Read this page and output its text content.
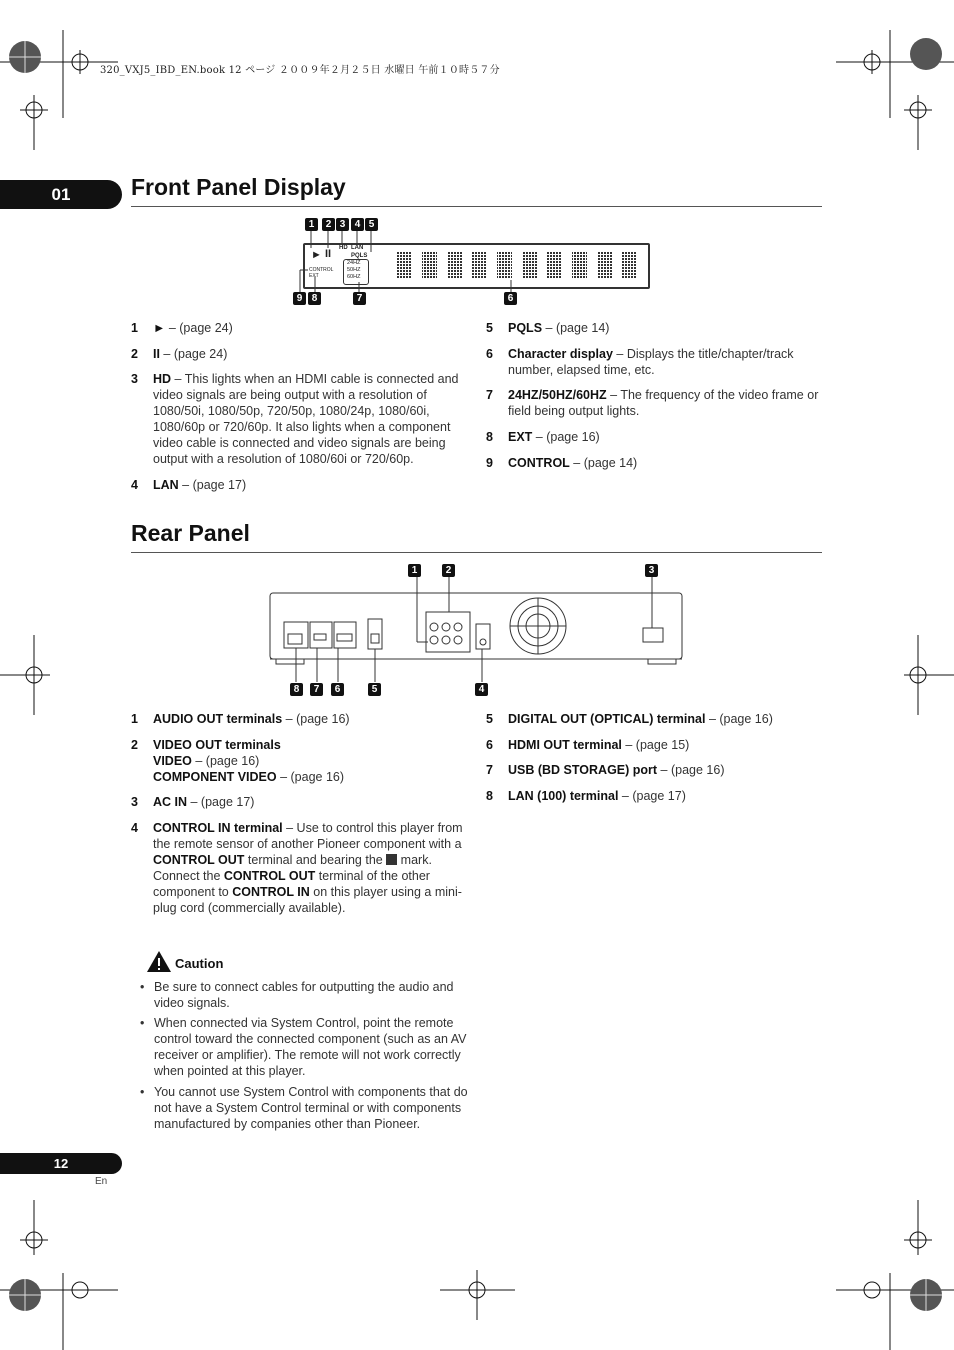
320_VXJ5_IBD_EN.book 12 ページ ２００９年２月２５日 水曜日 午前１０時５７分
01	Front Panel Display
1	2 3 4 5
► II HD LAN
PQLS
CONTROL
EXT
24HZ
50HZ
60HZ
9 8	7	6
1 ► – (page 24)
2 II – (page 24)
3 HD – This lights when an HDMI cable is connected and video signals are being output with a resolution of 1080/50i, 1080/50p, 720/50p, 1080/24p, 1080/60i, 1080/60p or 720/60p. It also lights when a component video cable is connected and video signals are being output with a resolution of 1080/60i or 720/60p.
4 LAN – (page 17)
5 PQLS – (page 14)
6 Character display – Displays the title/chapter/track number, elapsed time, etc.
7 24HZ/50HZ/60HZ – The frequency of the video frame or field being output lights.
8 EXT – (page 16)
9 CONTROL – (page 14)
Rear Panel
1	2	3
8	7	6	5	4
1 AUDIO OUT terminals – (page 16)
2 VIDEO OUT terminals
VIDEO – (page 16)
COMPONENT VIDEO – (page 16)
3 AC IN – (page 17)
4 CONTROL IN terminal – Use to control this player from the remote sensor of another Pioneer component with a CONTROL OUT terminal and bearing the  mark. Connect the CONTROL OUT terminal of the other component to CONTROL IN on this player using a mini-plug cord (commercially available).
5 DIGITAL OUT (OPTICAL) terminal – (page 16)
6 HDMI OUT terminal – (page 15)
7 USB (BD STORAGE) port – (page 16)
8 LAN (100) terminal – (page 17)
Caution
• Be sure to connect cables for outputting the audio and video signals.
• When connected via System Control, point the remote control toward the connected component (such as an AV receiver or amplifier). The remote will not work correctly when pointed at this player.
• You cannot use System Control with components that do not have a System Control terminal or with components manufactured by companies other than Pioneer.
12
En
